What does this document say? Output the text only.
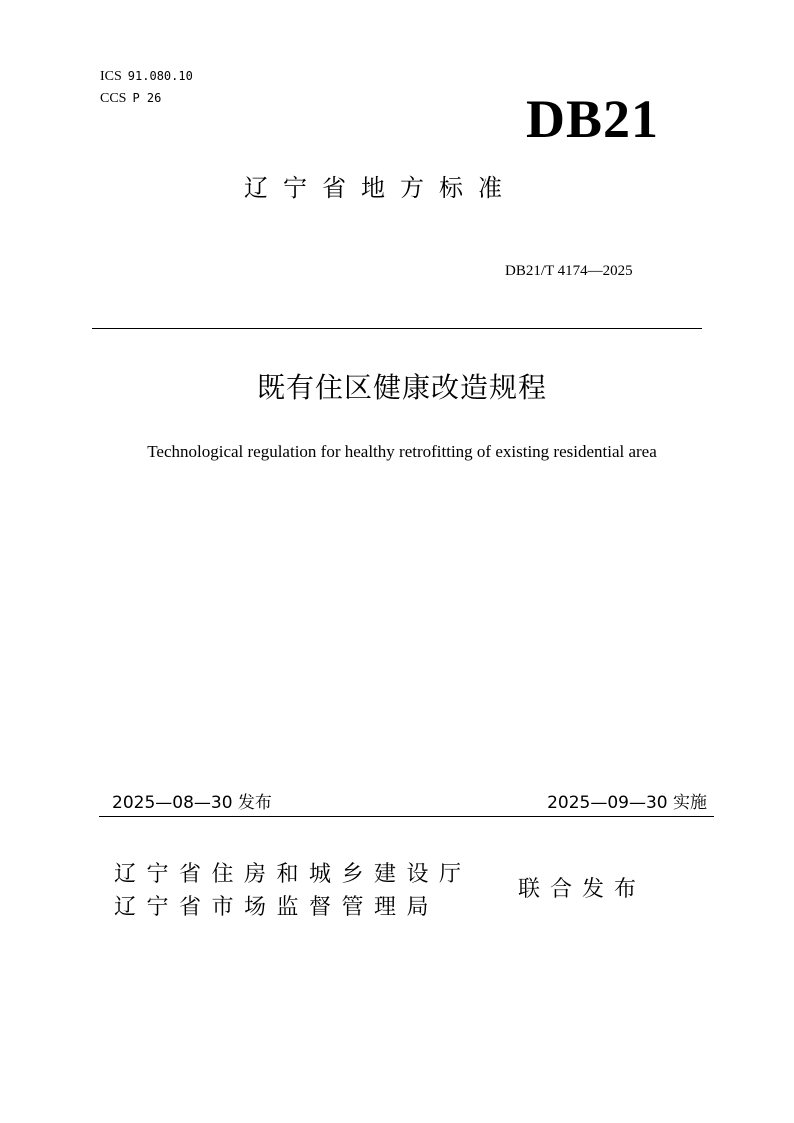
ICS 91.080.10
CCS P 26	DB21
辽宁省地方标准
DB21/T 4174—2025
既有住区健康改造规程
Technological regulation for healthy retrofitting of existing residential area
2025—08—30 发布	2025—09—30 实施
辽宁省住房和城乡建设厅
辽宁省市场监督管理局
联合发布
